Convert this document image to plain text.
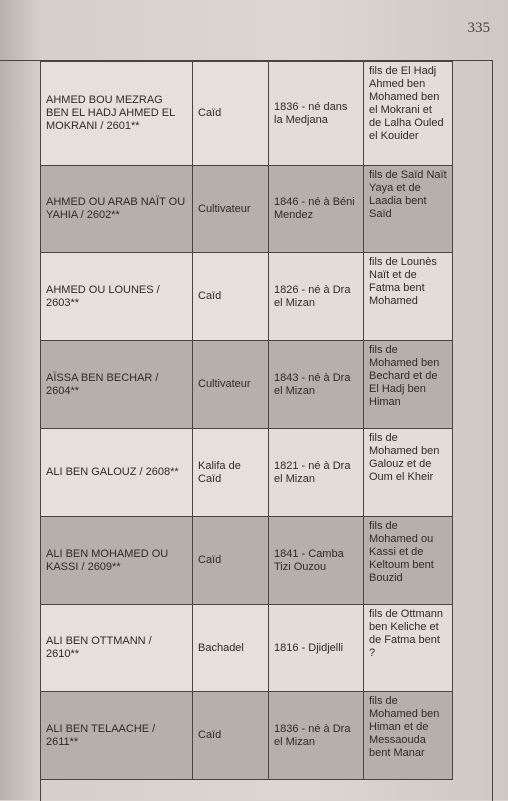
335
AHMED BOU MEZRAG BEN EL HADJ AHMED EL MOKRANI / 2601**	Caïd	1836 - né dans la Medjana	fils de El Hadj Ahmed ben Mohamed ben el Mokrani et de Lalha Ouled el Kouider
AHMED OU ARAB NAÏT OU YAHIA / 2602**	Cultivateur	1846 - né à Béni Mendez	fils de Saïd Naït Yaya et de Laadia bent Saïd
AHMED OU LOUNES / 2603**	Caïd	1826 - né à Dra el Mizan	fils de Lounès Naït et de Fatma bent Mohamed
AÏSSA BEN BECHAR / 2604**	Cultivateur	1843 - né à Dra el Mizan	fils de Mohamed ben Bechard et de El Hadj ben Himan
ALI BEN GALOUZ / 2608**	Kalifa de Caïd	1821 - né à Dra el Mizan	fils de Mohamed ben Galouz et de Oum el Kheir
ALI BEN MOHAMED OU KASSI / 2609**	Caïd	1841 - Camba Tizi Ouzou	fils de Mohamed ou Kassi et de Keltoum bent Bouzid
ALI BEN OTTMANN / 2610**	Bachadel	1816 - Djidjelli	fils de Ottmann ben Keliche et de Fatma bent ?
ALI BEN TELAACHE / 2611**	Caïd	1836 - né à Dra el Mizan	fils de Mohamed ben Himan et de Messaouda bent Manar
